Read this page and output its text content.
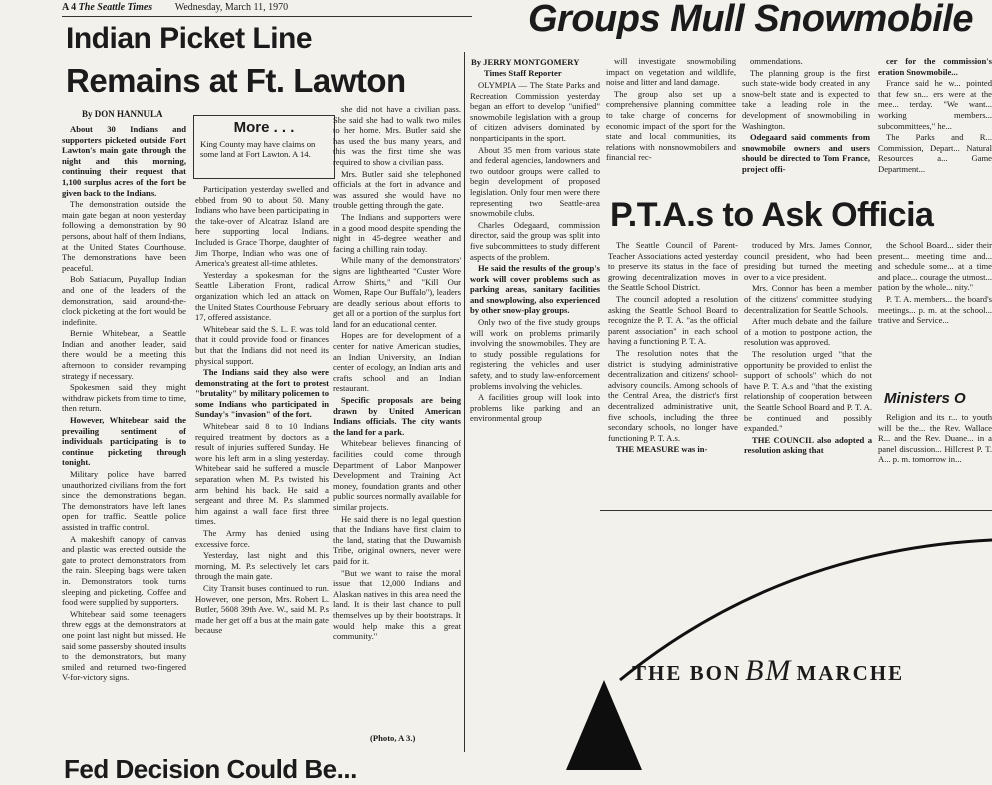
A 4 The Seattle Times Wednesday, March 11, 1970
Indian Picket Line
Remains at Ft. Lawton
By DON HANNULA

About 30 Indians and supporters picketed outside Fort Lawton's main gate through the night and this morning, continuing their request that 1,100 surplus acres of the fort be given back to the Indians.

The demonstration outside the main gate began at noon yesterday following a demonstration by 90 persons, about half of them Indians, at the United States Courthouse. The demonstrations have been peaceful.

Bob Satiacum, Puyallup Indian and one of the leaders of the demonstration, said around-the-clock picketing at the fort would be indefinite.

Bernie Whitebear, a Seattle Indian and another leader, said there would be a meeting this afternoon to consider revamping strategy if necessary.

Spokesmen said they might withdraw pickets from time to time, then return.

However, Whitebear said the prevailing sentiment of individuals participating is to continue picketing through tonight.

Military police have barred unauthorized civilians from the fort since the demonstrations began. The demonstrators have left lanes open for traffic. Seattle police assisted in traffic control.

A makeshift canopy of canvas and plastic was erected outside the gate to protect demonstrators from the rain. Sleeping bags were taken in. Demonstrators took turns sleeping and picketing. Coffee and food were supplied by supporters.

Whitebear said some teenagers threw eggs at the demonstrators at one point last night but missed. He said some passersby shouted insults to the demonstrators, but many smiled and returned two-fingered V-for-victory signs.

More . . .
King County may have claims on some land at Fort Lawton. A 14.

Participation yesterday swelled and ebbed from 90 to about 50. Many Indians who have been participating in the take-over of Alcatraz Island are here supporting local Indians. Included is Grace Thorpe, daughter of Jim Thorpe, Indian who was one of America's greatest all-time athletes.

Yesterday a spokesman for the Seattle Liberation Front, radical organization which led an attack on the United States Courthouse February 17, offered assistance.

Whitebear said the S. L. F. was told that it could provide food or finances but that the Indians did not need its physical support.

The Indians said they also were demonstrating at the fort to protest "brutality" by military policemen to some Indians who participated in Sunday's "invasion" of the fort.

Whitebear said 8 to 10 Indians required treatment by doctors as a result of injuries suffered Sunday. He wore his left arm in a sling yesterday. Whitebear said he suffered a muscle separation when M. P.s twisted his arm behind his back. He said a sergeant and three M. P.s slammed him against a wall face first three times.

The Army has denied using excessive force.

Yesterday, last night and this morning, M. P.s selectively let cars through the main gate.

City Transit buses continued to run. However, one person, Mrs. Robert L. Butler, 5608 39th Ave. W., said M. P.s made her get off a bus at the main gate because

she did not have a civilian pass. She said she had to walk two miles to her home. Mrs. Butler said she has used the bus many years, and this was the first time she was required to show a civilian pass.

Mrs. Butler said she telephoned officials at the fort in advance and was assured she would have no trouble getting through the gate.

The Indians and supporters were in a good mood despite spending the night in 45-degree weather and facing a chilling rain today.

While many of the demonstrators' signs are lighthearted "Custer Wore Arrow Shirts," and "Kill Our Women, Rape Our Buffalo"), leaders are deadly serious about efforts to get all or a portion of the surplus fort land for an educational center.

Hopes are for development of a center for native American studies, an Indian University, an Indian center of ecology, an Indian arts and crafts school and an Indian restaurant.

Specific proposals are being drawn by United American Indians officials. The city wants the land for a park.

Whitebear believes financing of facilities could come through Department of Labor Manpower Development and Training Act money, foundation grants and other public sources normally available for similar projects.

He said there is no legal question that the Indians have first claim to the land, stating that the Duwamish Tribe, original owners, never were paid for it.

"But we want to raise the moral issue that 12,000 Indians and Alaskan natives in this area need the land. It is their last chance to pull themselves up by their bootstraps. It would help make this a great community."

(Photo, A 3.)
Groups Mull Snowmobile
By JERRY MONTGOMERY
Times Staff Reporter

OLYMPIA — The State Parks and Recreation Commission yesterday began an effort to develop "unified" snowmobile legislation with a group of citizen advisers dominated by nonparticipants in the sport.

About 35 men from various state and federal agencies, landowners and two outdoor groups were called to begin development of proposed legislation. Only four men were there representing two Seattle-area snowmobile clubs.

Charles Odegaard, commission director, said the group was split into five subcommittees to study different aspects of the problem.

He said the results of the group's work will cover problems such as parking areas, sanitary facilities and snowplowing, also experienced by other snow-play groups.

Only two of the five study groups will work on problems primarily involving the snowmobiles. They are to study possible regulations for registering the vehicles and user safety, and to study law-enforcement problems involving the vehicles.

A facilities group will look into problems like parking and an environmental group

will investigate snowmobiling impact on vegetation and wildlife, noise and litter and land damage.

The group also set up a comprehensive planning committee to take charge of concerns for economic impact of the sport for the state and local communities, its relations with nonsnowmobilers and financial rec-

ommendations.

The planning group is the first such state-wide body created in any snow-belt state and is expected to take a leading role in the development of snowmobiling in Washington.

Odegaard said comments from snowmobile owners and users should be directed to Tom France, project offi-

cer for the commission's eration Snowmobile...

France said he w... pointed that few sn... ers were at the mee... terday. "We want... working members... subcommittees," he...

The Parks and R... Commission, Depart... Natural Resources a... Game Department...

P.T.A.s to Ask Officia

The Seattle Council of Parent-Teacher Associations acted yesterday to preserve its status in the face of growing decentralization moves in the Seattle School District.

The council adopted a resolution asking the Seattle School Board to recognize the P. T. A. "as the official parent association" in each school having a functioning P. T. A.

The resolution notes that the district is studying administrative decentralization and citizens' school-advisory councils. Among schools of the Central Area, the district's first decentralized administrative unit, five schools, including the three secondary schools, no longer have functioning P. T. A.s.

THE MEASURE was in-

troduced by Mrs. James Connor, council president, who had been presiding but turned the meeting over to a vice president.

Mrs. Connor has been a member of the citizens' committee studying decentralization for Seattle Schools.

After much debate and the failure of a motion to postpone action, the resolution was approved.

The resolution urged "that the opportunity be provided to enlist the support of schools" which do not have P. T. A.s and "that the existing relationship of cooperation between the Seattle School Board and P. T. A. be continued and possibly expanded."

THE COUNCIL also adopted a resolution asking that

the School Board... sider their present... meeting time and... and schedule some... at a time and place... courage the utmost... pation by the whole... nity."

P. T. A. members... the board's meetings... p. m. at the school... trative and Service...

Ministers O

Religion and its r... to youth will be the... the Rev. Wallace R... and the Rev. Duane... in a panel discussion... Hillcrest P. T. A... p. m. tomorrow in...

THE BON BM MARCHE
Fed Decision Could Be...
